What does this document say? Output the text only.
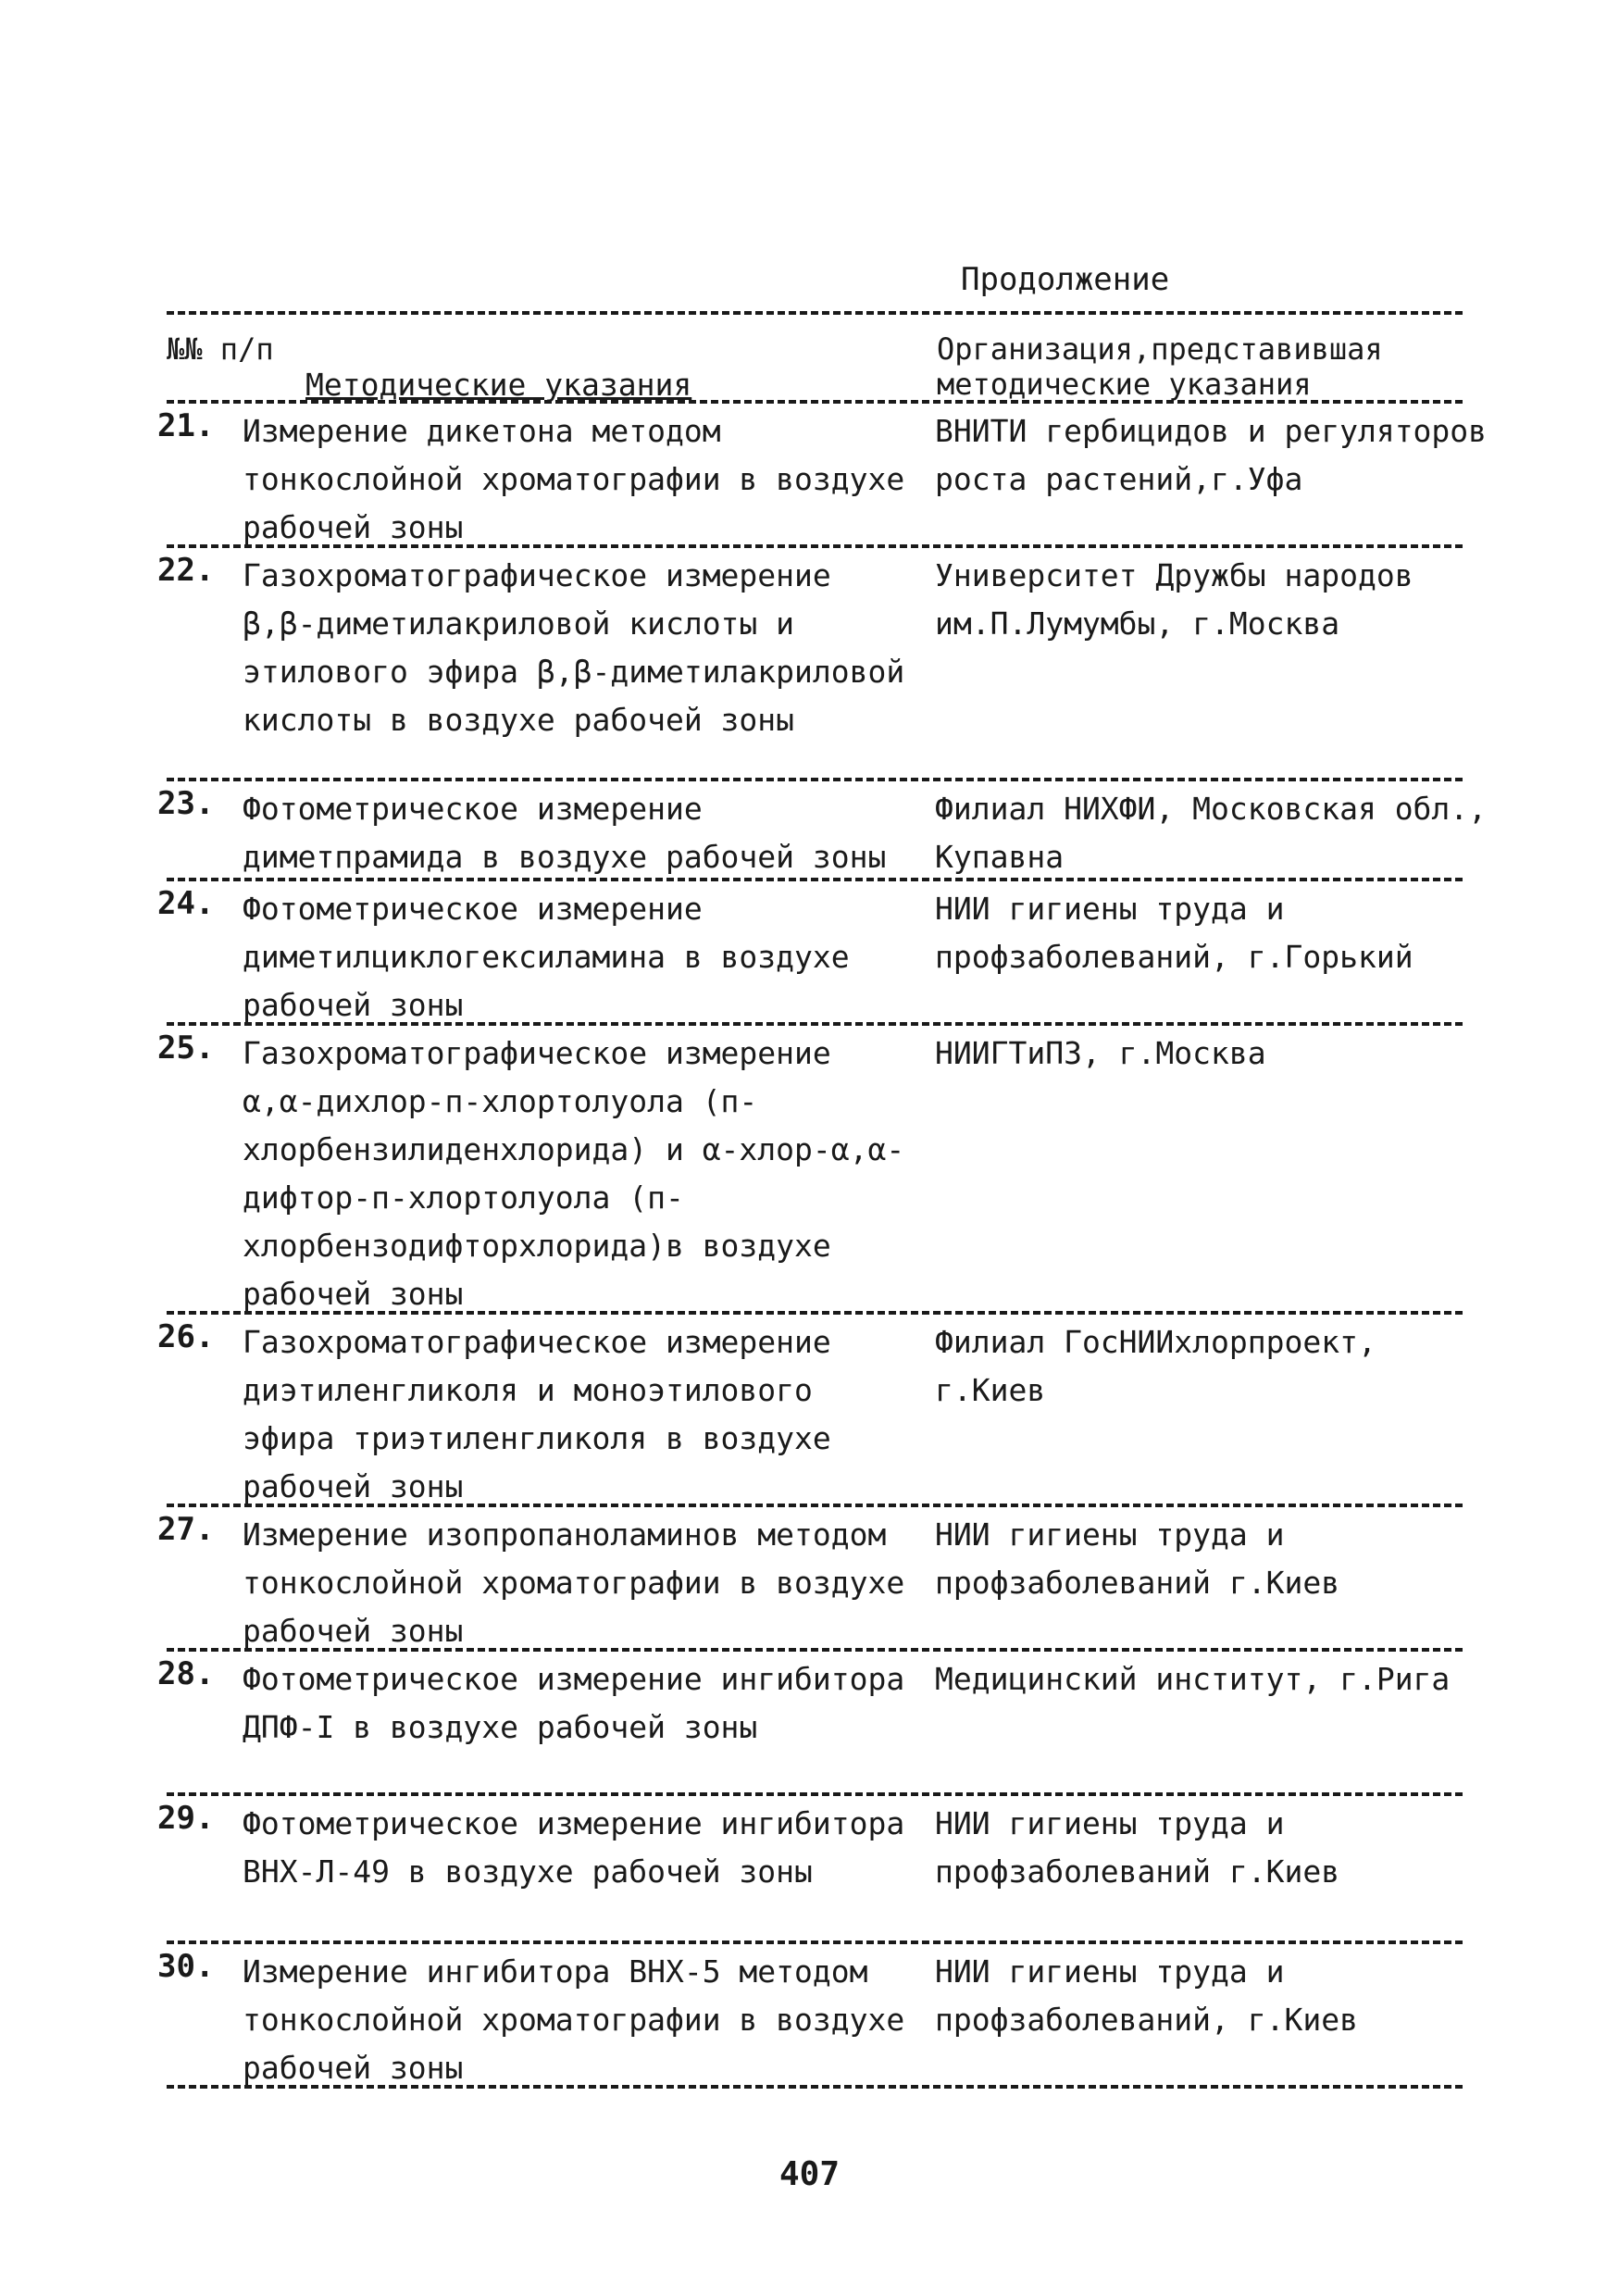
Продолжение
№№ п/п
Методические указания
Организация,представившая методические указания
21. Измерение дикетона методом тонкослойной хроматографии в воздухе рабочей зоны
ВНИТИ гербицидов и регуляторов роста растений,г.Уфа
22. Газохроматографическое измерение β,β-диметилакриловой кислоты и этилового эфира β,β-диметилакриловой кислоты в воздухе рабочей зоны
Университет Дружбы народов им.П.Лумумбы, г.Москва
23. Фотометрическое измерение диметпрамида в воздухе рабочей зоны
Филиал НИХФИ, Московская обл., Купавна
24. Фотометрическое измерение диметилциклогексиламина в воздухе рабочей зоны
НИИ гигиены труда и профзаболеваний, г.Горький
25. Газохроматографическое измерение α,α-дихлор-п-хлортолуола (п-хлорбензилиденхлорида) и α-хлор-α,α-дифтор-п-хлортолуола (п-хлорбензодифторхлорида)в воздухе рабочей зоны
НИИГТиПЗ, г.Москва
26. Газохроматографическое измерение диэтиленгликоля и моноэтилового эфира триэтиленгликоля в воздухе рабочей зоны
Филиал ГосНИИхлорпроект, г.Киев
27. Измерение изопропаноламинов методом тонкослойной хроматографии в воздухе рабочей зоны
НИИ гигиены труда и профзаболеваний г.Киев
28. Фотометрическое измерение ингибитора ДПФ-I в воздухе рабочей зоны
Медицинский институт, г.Рига
29. Фотометрическое измерение ингибитора ВНХ-Л-49 в воздухе рабочей зоны
НИИ гигиены труда и профзаболеваний г.Киев
30. Измерение ингибитора ВНХ-5 методом тонкослойной хроматографии в воздухе рабочей зоны
НИИ гигиены труда и профзаболеваний, г.Киев
407
